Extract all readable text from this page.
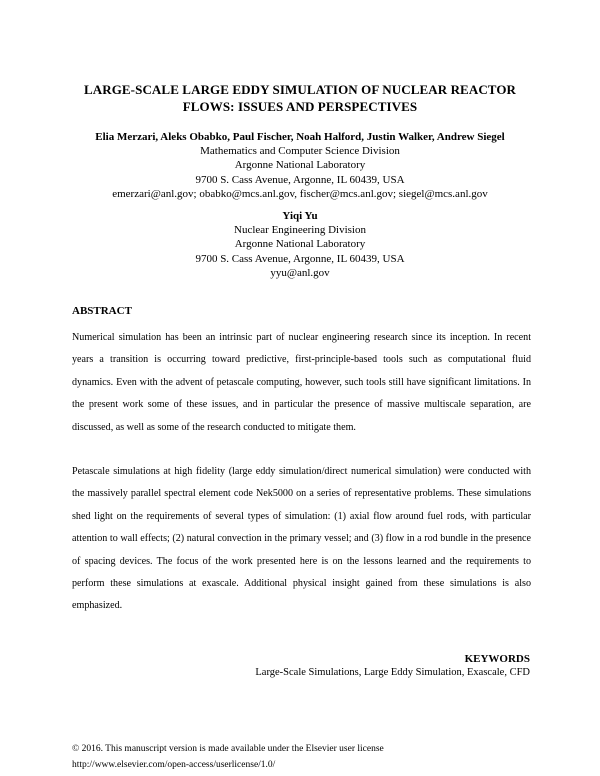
LARGE-SCALE LARGE EDDY SIMULATION OF NUCLEAR REACTOR
FLOWS: ISSUES AND PERSPECTIVES
Elia Merzari, Aleks Obabko, Paul Fischer, Noah Halford, Justin Walker, Andrew Siegel
Mathematics and Computer Science Division
Argonne National Laboratory
9700 S. Cass Avenue, Argonne, IL 60439, USA
emerzari@anl.gov; obabko@mcs.anl.gov, fischer@mcs.anl.gov; siegel@mcs.anl.gov
Yiqi Yu
Nuclear Engineering Division
Argonne National Laboratory
9700 S. Cass Avenue, Argonne, IL 60439, USA
yyu@anl.gov
ABSTRACT
Numerical simulation has been an intrinsic part of nuclear engineering research since its inception. In recent years a transition is occurring toward predictive, first-principle-based tools such as computational fluid dynamics. Even with the advent of petascale computing, however, such tools still have significant limitations. In the present work some of these issues, and in particular the presence of massive multiscale separation, are discussed, as well as some of the research conducted to mitigate them.
Petascale simulations at high fidelity (large eddy simulation/direct numerical simulation) were conducted with the massively parallel spectral element code Nek5000 on a series of representative problems. These simulations shed light on the requirements of several types of simulation: (1) axial flow around fuel rods, with particular attention to wall effects; (2) natural convection in the primary vessel; and (3) flow in a rod bundle in the presence of spacing devices. The focus of the work presented here is on the lessons learned and the requirements to perform these simulations at exascale. Additional physical insight gained from these simulations is also emphasized.
KEYWORDS
Large-Scale Simulations, Large Eddy Simulation, Exascale, CFD
© 2016. This manuscript version is made available under the Elsevier user license
http://www.elsevier.com/open-access/userlicense/1.0/
